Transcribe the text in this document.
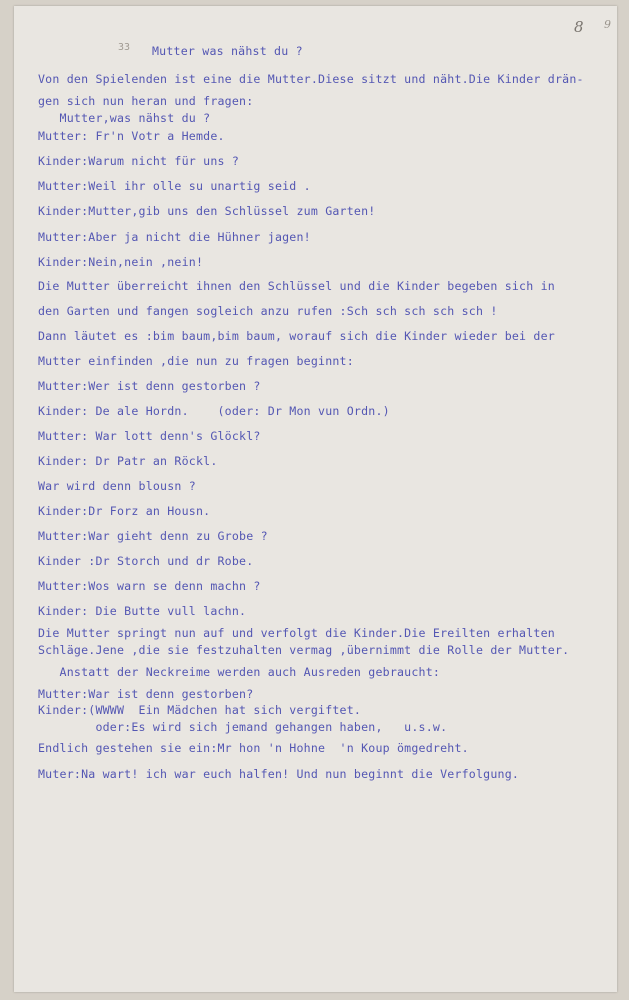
8 9
33 Mutter was nähst du ?
Von den Spielenden ist eine die Mutter.Diese sitzt und näht.Die Kinder drän-
gen sich nun heran und fragen:
Mutter,was nähst du ?
Mutter: Fr'n Votr a Hemde.
Kinder:Warum nicht für uns ?
Mutter:Weil ihr olle su unartig seid .
Kinder:Mutter,gib uns den Schlüssel zum Garten!
Mutter:Aber ja nicht die Hühner jagen!
Kinder:Nein,nein ,nein!
Die Mutter überreicht ihnen den Schlüssel und die Kinder begeben sich in
den Garten und fangen sogleich anzu rufen :Sch sch sch sch sch !
Dann läutet es :bim baum,bim baum, worauf sich die Kinder wieder bei der
Mutter einfinden ,die nun zu fragen beginnt:
Mutter:Wer ist denn gestorben ?
Kinder: De ale Hordn.    (oder: Dr Mon vun Ordn.)
Mutter: War lott denn's Glöckl?
Kinder: Dr Patr an Röckl.
War wird denn blousn ?
Kinder:Dr Forz an Housn.
Mutter:War gieht denn zu Grobe ?
Kinder :Dr Storch und dr Robe.
Mutter:Wos warn se denn machn ?
Kinder: Die Butte vull lachn.
Die Mutter springt nun auf und verfolgt die Kinder.Die Ereilten erhalten
Schläge.Jene ,die sie festzuhalten vermag ,übernimmt die Rolle der Mutter.
Anstatt der Neckreime werden auch Ausreden gebraucht:
Mutter:War ist denn gestorben?
Kinder:(WWWW  Ein Mädchen hat sich vergiftet.
oder:Es wird sich jemand gehangen haben,   u.s.w.
Endlich gestehen sie ein:Mr hon 'n Hohne  'n Koup ömgedreht.
Muter:Na wart! ich war euch halfen! Und nun beginnt die Verfolgung.
